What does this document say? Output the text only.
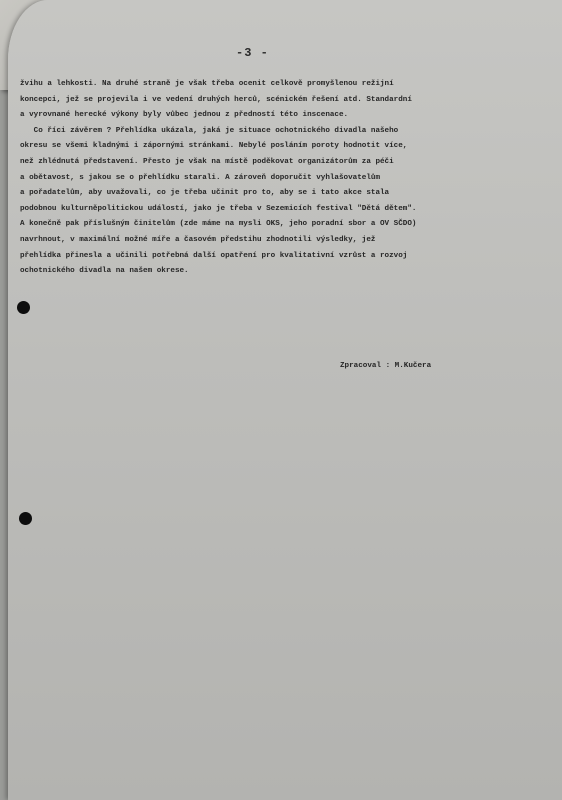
-3 -

žvihu a lehkosti. Na druhé straně je však třeba ocenit celkově promyšlenou režijní
koncepci, jež se projevila i ve vedení druhých herců, scénickém řešení atd. Standardní
a vyrovnané herecké výkony byly vůbec jednou z předností této inscenace.

Co říci závěrem ? Přehlídka ukázala, jaká je situace ochotnického divadla našeho
okresu se všemi kladnými i zápornými stránkami. Nebylé posláním poroty hodnotit více,
než zhlédnutá představení. Přesto je však na místě poděkovat organizátorům za péči
a obětavost, s jakou se o přehlídku starali. A zároveň doporučit vyhlašovatelům
a pořadatelům, aby uvažovali, co je třeba učinit pro to, aby se i tato akce stala
podobnou kulturněpolitickou událostí, jako je třeba v Sezemicích festival "Dětá dětem".
A konečně pak příslušným činitelům (zde máme na mysli OKS, jeho poradní sbor a OV SČDO)
navrhnout, v maximální možné míře a časovém předstihu zhodnotili výsledky, jež
přehlídka přinesla a učinili potřebná další opatření pro kvalitativní vzrůst a rozvoj
ochotnického divadla na našem okrese.

Zpracoval : M.Kučera
